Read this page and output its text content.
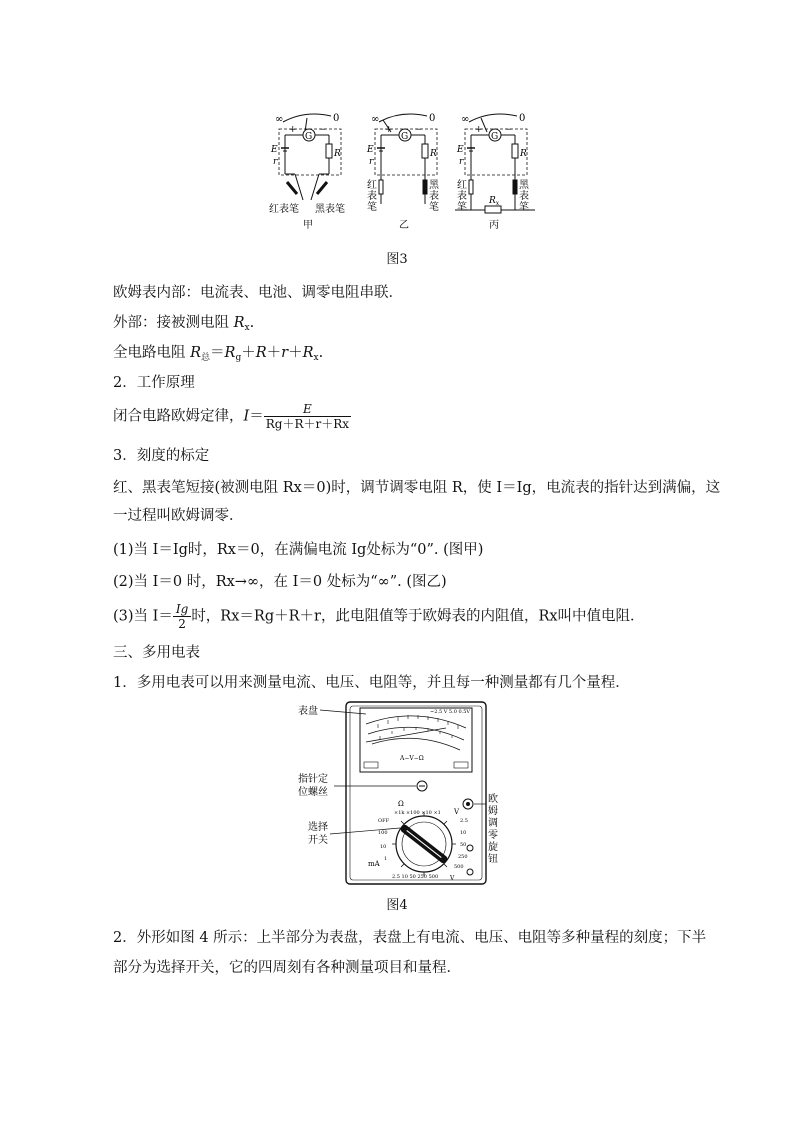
∞	0
G
E
r
R
+ −
红表笔 黑表笔
甲
∞	0
G
E
r
R
+ −
红
表
笔
黑
表
笔
乙
∞	0
G
E
r
R
+ −
$R_x$
红
表
笔
黑
表
笔
丙
图3
欧姆表内部：电流表、电池、调零电阻串联．
外部：接被测电阻 $R_x$.
全电路电阻 $R_总=R_g+R+r+R_x$.
2．工作原理
闭合电路欧姆定律，$I= \frac{E}{Rg+R+r+Rx}$
3．刻度的标定
红、黑表笔短接(被测电阻 Rx＝0)时，调节调零电阻 R，使 I＝Ig，电流表的指针达到满偏，这
一过程叫欧姆调零．
(1)当 I＝Ig时，Rx＝0，在满偏电流 Ig处标为“0”. (图甲)
(2)当 I＝0 时，Rx→∞，在 I＝0 处标为“∞”. (图乙)
(3)当 $I= \frac{Ig}{2}$ 时，Rx＝Rg＋R＋r，此电阻值等于欧姆表的内阻值，Rx叫中值电阻．
三、多用电表
1．多用电表可以用来测量电流、电压、电阻等，并且每一种测量都有几个量程．
~2.5 V 5.0 0.5V
A−V−Ω
Ω
×1k ×100 ×10 ×1 V
OFF
100
10
1
mA
2.5
10
50
250
500
2.5 10 50 250 500 V
表盘
指针定
位螺丝
选择
开关
欧
姆
调
零
旋
钮
图4
2．外形如图 4 所示：上半部分为表盘，表盘上有电流、电压、电阻等多种量程的刻度；下半
部分为选择开关，它的四周刻有各种测量项目和量程．
